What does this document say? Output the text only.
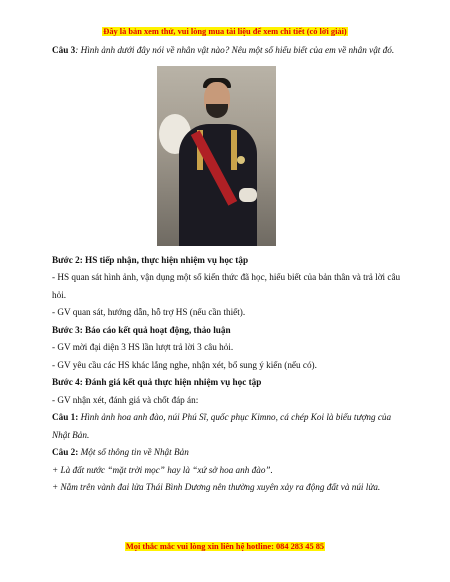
Đây là bản xem thử, vui lòng mua tài liệu để xem chi tiết (có lời giải)

Câu 3: Hình ảnh dưới đây nói về nhân vật nào? Nêu một số hiểu biết của em về nhân vật đó.

Bước 2: HS tiếp nhận, thực hiện nhiệm vụ học tập

- HS quan sát hình ảnh, vận dụng một số kiến thức đã học, hiểu biết của bản thân và trả lời câu hỏi.

- GV quan sát, hướng dẫn, hỗ trợ HS (nếu cần thiết).

Bước 3: Báo cáo kết quả hoạt động, thảo luận

- GV mời đại diện 3 HS lần lượt trả lời 3 câu hỏi.

- GV yêu cầu các HS khác lắng nghe, nhận xét, bổ sung ý kiến (nếu có).

Bước 4: Đánh giá kết quả thực hiện nhiệm vụ học tập

- GV nhận xét, đánh giá và chốt đáp án:

Câu 1: Hình ảnh hoa anh đào, núi Phú Sĩ, quốc phục Kimno, cá chép Koi là biểu tượng của Nhật Bản.

Câu 2: Một số thông tin về Nhật Bản

+ Là đất nước “mặt trời mọc” hay là “xứ sở hoa anh đào”.

+ Nằm trên vành đai lửa Thái Bình Dương nên thường xuyên xảy ra động đất và núi lửa.

Mọi thắc mắc vui lòng xin liên hệ hotline: 084 283 45 85
